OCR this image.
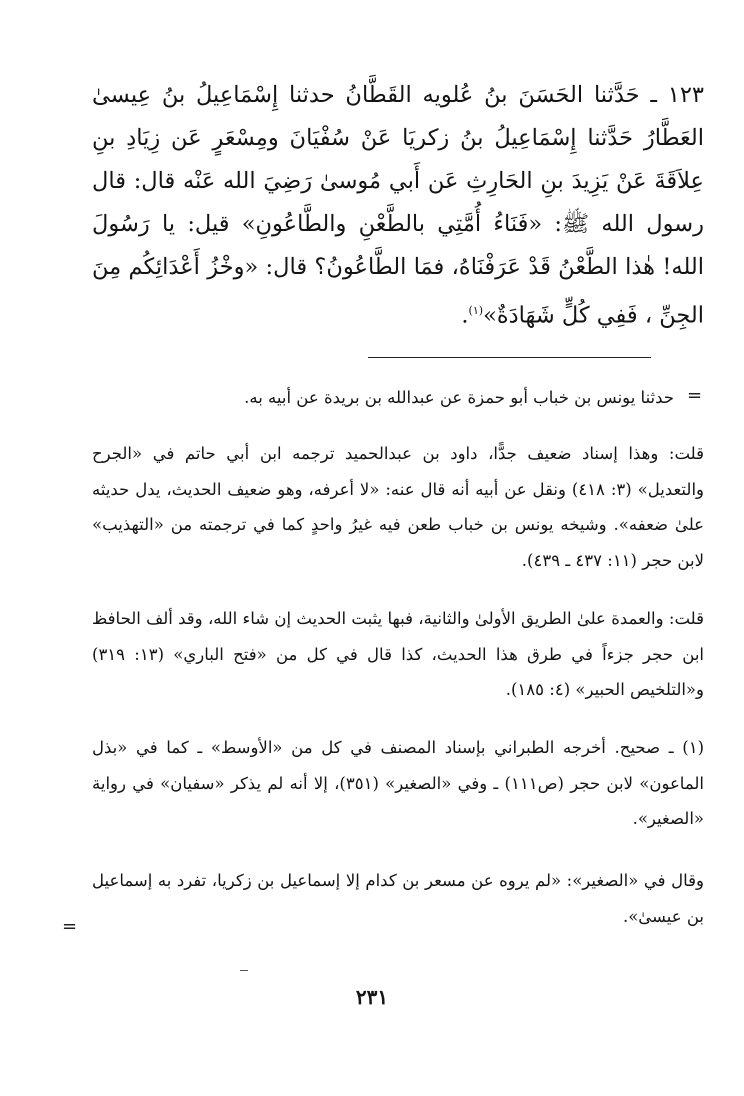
١٢٣ ـ حَدَّثنا الحَسَنَ بنُ عُلويه القَطَّانُ حدثنا إِسْمَاعِيلُ بنُ عِيسىٰ العَطَّارُ حَدَّثنا إِسْمَاعِيلُ بنُ زكريَا عَنْ سُفْيَانَ ومِسْعَرٍ عَن زِيَادِ بنِ عِلاَقَةَ عَنْ يَزِيدَ بنِ الحَارِثِ عَن أَبي مُوسىٰ رَضِيَ الله عَنْه قال: قال رسول الله ﷺ: «فَنَاءُ أُمَّتِي بالطَّعْنِ والطَّاعُونِ» قيل: يا رَسُولَ الله! هٰذا الطَّعْنُ قَدْ عَرَفْنَاهُ، فمَا الطَّاعُونُ؟ قال: «وخْزُ أَعْدَائِكُم مِنَ الجِنِّ ، فَفِي كُلٍّ شَهَادَةٌ»$^{(١)}$.
=

حدثنا يونس بن خباب أبو حمزة عن عبدالله بن بريدة عن أبيه به.

قلت: وهذا إسناد ضعيف جدًّا، داود بن عبدالحميد ترجمه ابن أبي حاتم في «الجرح والتعديل» (٣: ٤١٨) ونقل عن أبيه أنه قال عنه: «لا أعرفه، وهو ضعيف الحديث، يدل حديثه علىٰ ضعفه». وشيخه يونس بن خباب طعن فيه غيرُ واحدٍ كما في ترجمته من «التهذيب» لابن حجر (١١: ٤٣٧ ـ ٤٣٩).

قلت: والعمدة علىٰ الطريق الأولىٰ والثانية، فبها يثبت الحديث إن شاء الله، وقد ألف الحافظ ابن حجر جزءاً في طرق هذا الحديث، كذا قال في كل من «فتح الباري» (١٣: ٣١٩) و«التلخيص الحبير» (٤: ١٨٥).

(١) ـ صحيح. أخرجه الطبراني بإسناد المصنف في كل من «الأوسط» ـ كما في «بذل الماعون» لابن حجر (ص١١١) ـ وفي «الصغير» (٣٥١)، إلا أنه لم يذكر «سفيان» في رواية «الصغير».

وقال في «الصغير»: «لم يروه عن مسعر بن كدام إلا إسماعيل بن زكريا، تفرد به إسماعيل بن عيسىٰ».

=
٢٣١
